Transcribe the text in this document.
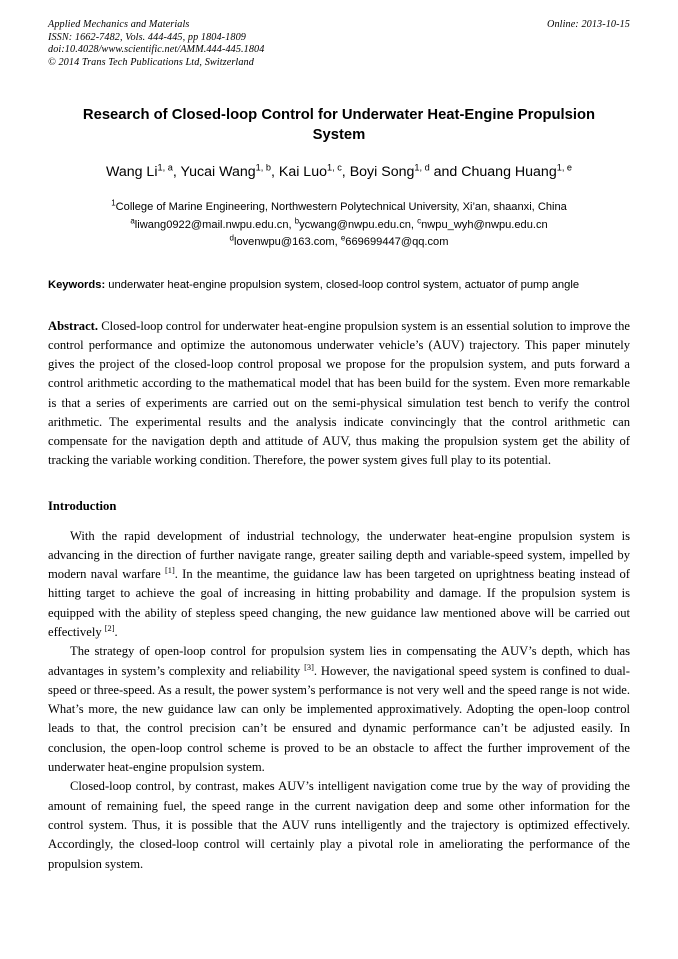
Applied Mechanics and Materials
ISSN: 1662-7482, Vols. 444-445, pp 1804-1809
doi:10.4028/www.scientific.net/AMM.444-445.1804
© 2014 Trans Tech Publications Ltd, Switzerland
Online: 2013-10-15
Research of Closed-loop Control for Underwater Heat-Engine Propulsion System
Wang Li$^{1, a}$, Yucai Wang$^{1, b}$, Kai Luo$^{1, c}$, Boyi Song$^{1, d}$ and Chuang Huang$^{1, e}$
$^1$College of Marine Engineering, Northwestern Polytechnical University, Xi’an, shaanxi, China
$^a$liwang0922@mail.nwpu.edu.cn, $^b$ycwang@nwpu.edu.cn, $^c$nwpu_wyh@nwpu.edu.cn
$^d$lovenwpu@163.com, $^e$669699447@qq.com
Keywords: underwater heat-engine propulsion system, closed-loop control system, actuator of pump angle
Abstract. Closed-loop control for underwater heat-engine propulsion system is an essential solution to improve the control performance and optimize the autonomous underwater vehicle’s (AUV) trajectory. This paper minutely gives the project of the closed-loop control proposal we propose for the propulsion system, and puts forward a control arithmetic according to the mathematical model that has been build for the system. Even more remarkable is that a series of experiments are carried out on the semi-physical simulation test bench to verify the control arithmetic. The experimental results and the analysis indicate convincingly that the control arithmetic can compensate for the navigation depth and attitude of AUV, thus making the propulsion system get the ability of tracking the variable working condition. Therefore, the power system gives full play to its potential.
Introduction

With the rapid development of industrial technology, the underwater heat-engine propulsion system is advancing in the direction of further navigate range, greater sailing depth and variable-speed system, impelled by modern naval warfare [1]. In the meantime, the guidance law has been targeted on uprightness beating instead of hitting target to achieve the goal of increasing in hitting probability and damage. If the propulsion system is equipped with the ability of stepless speed changing, the new guidance law mentioned above will be carried out effectively [2].

The strategy of open-loop control for propulsion system lies in compensating the AUV’s depth, which has advantages in system’s complexity and reliability [3]. However, the navigational speed system is confined to dual-speed or three-speed. As a result, the power system’s performance is not very well and the speed range is not wide. What’s more, the new guidance law can only be implemented approximatively. Adopting the open-loop control leads to that, the control precision can’t be ensured and dynamic performance can’t be adjusted easily. In conclusion, the open-loop control scheme is proved to be an obstacle to affect the further improvement of the underwater heat-engine propulsion system.

Closed-loop control, by contrast, makes AUV’s intelligent navigation come true by the way of providing the amount of remaining fuel, the speed range in the current navigation deep and some other information for the control system. Thus, it is possible that the AUV runs intelligently and the trajectory is optimized effectively. Accordingly, the closed-loop control will certainly play a pivotal role in ameliorating the performance of the propulsion system.
